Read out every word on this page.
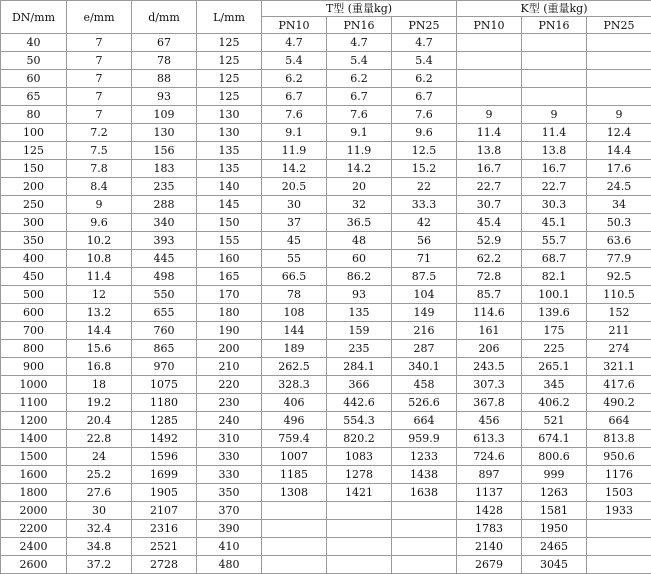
DN/mm	e/mm	d/mm	L/mm	T型 (重量kg)			K型 (重量kg)		
				PN10	PN16	PN25	PN10	PN16	PN25
40	7	67	125	4.7	4.7	4.7			
50	7	78	125	5.4	5.4	5.4			
60	7	88	125	6.2	6.2	6.2			
65	7	93	125	6.7	6.7	6.7			
80	7	109	130	7.6	7.6	7.6	9	9	9
100	7.2	130	130	9.1	9.1	9.6	11.4	11.4	12.4
125	7.5	156	135	11.9	11.9	12.5	13.8	13.8	14.4
150	7.8	183	135	14.2	14.2	15.2	16.7	16.7	17.6
200	8.4	235	140	20.5	20	22	22.7	22.7	24.5
250	9	288	145	30	32	33.3	30.7	30.3	34
300	9.6	340	150	37	36.5	42	45.4	45.1	50.3
350	10.2	393	155	45	48	56	52.9	55.7	63.6
400	10.8	445	160	55	60	71	62.2	68.7	77.9
450	11.4	498	165	66.5	86.2	87.5	72.8	82.1	92.5
500	12	550	170	78	93	104	85.7	100.1	110.5
600	13.2	655	180	108	135	149	114.6	139.6	152
700	14.4	760	190	144	159	216	161	175	211
800	15.6	865	200	189	235	287	206	225	274
900	16.8	970	210	262.5	284.1	340.1	243.5	265.1	321.1
1000	18	1075	220	328.3	366	458	307.3	345	417.6
1100	19.2	1180	230	406	442.6	526.6	367.8	406.2	490.2
1200	20.4	1285	240	496	554.3	664	456	521	664
1400	22.8	1492	310	759.4	820.2	959.9	613.3	674.1	813.8
1500	24	1596	330	1007	1083	1233	724.6	800.6	950.6
1600	25.2	1699	330	1185	1278	1438	897	999	1176
1800	27.6	1905	350	1308	1421	1638	1137	1263	1503
2000	30	2107	370				1428	1581	1933
2200	32.4	2316	390				1783	1950	
2400	34.8	2521	410				2140	2465	
2600	37.2	2728	480				2679	3045	
